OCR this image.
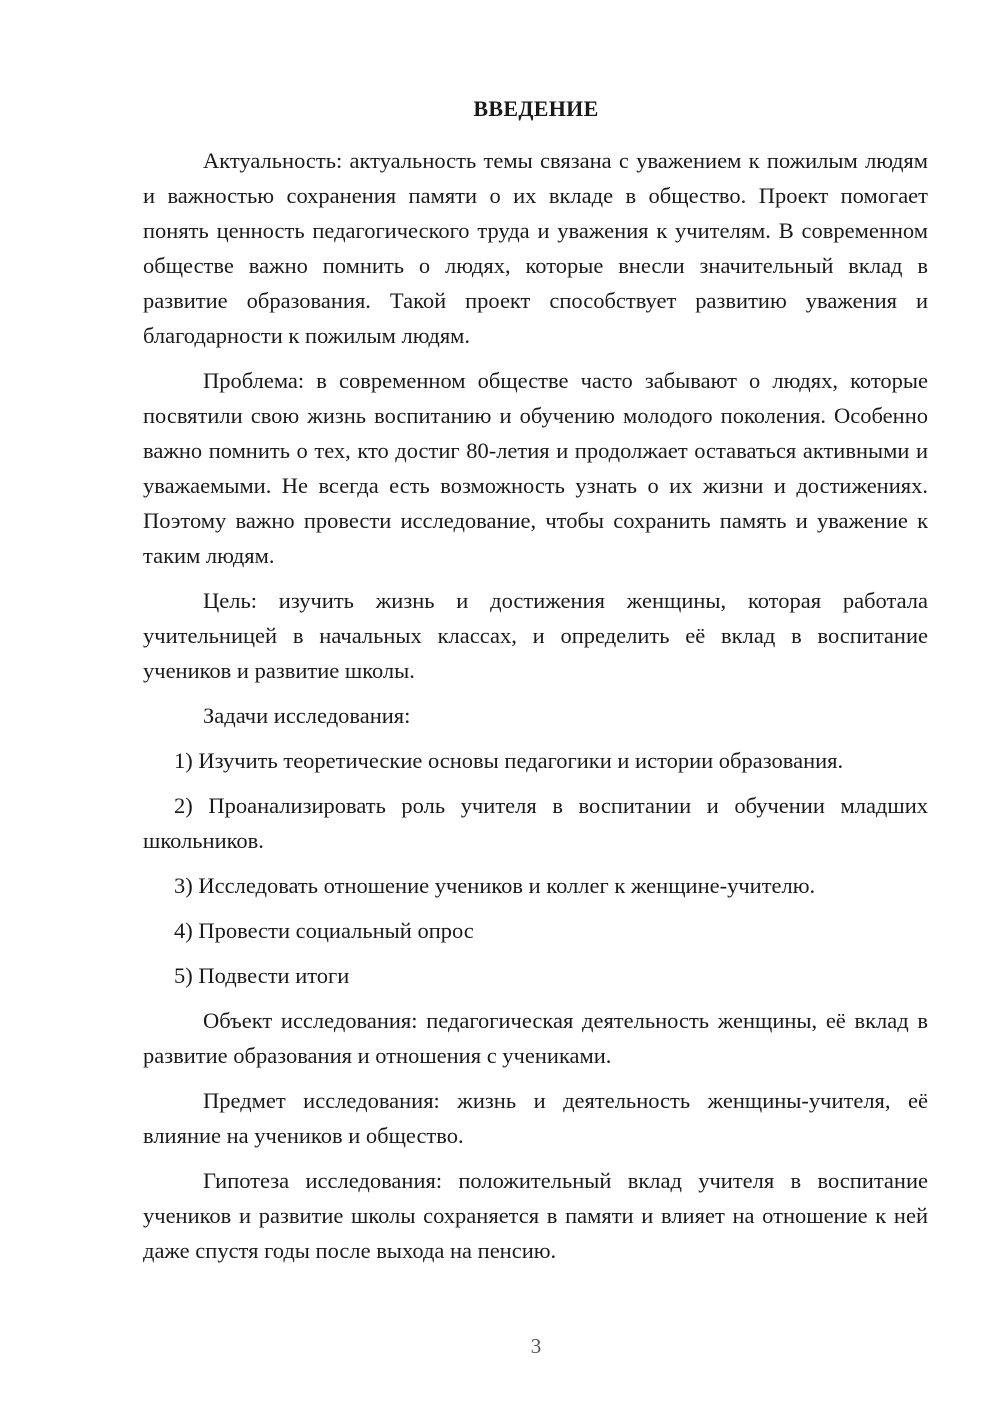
ВВЕДЕНИЕ

Актуальность: актуальность темы связана с уважением к пожилым людям и важностью сохранения памяти о их вкладе в общество. Проект помогает понять ценность педагогического труда и уважения к учителям. В современном обществе важно помнить о людях, которые внесли значительный вклад в развитие образования. Такой проект способствует развитию уважения и благодарности к пожилым людям.

Проблема: в современном обществе часто забывают о людях, которые посвятили свою жизнь воспитанию и обучению молодого поколения. Особенно важно помнить о тех, кто достиг 80-летия и продолжает оставаться активными и уважаемыми. Не всегда есть возможность узнать о их жизни и достижениях. Поэтому важно провести исследование, чтобы сохранить память и уважение к таким людям.

Цель: изучить жизнь и достижения женщины, которая работала учительницей в начальных классах, и определить её вклад в воспитание учеников и развитие школы.

Задачи исследования:

1) Изучить теоретические основы педагогики и истории образования.

2) Проанализировать роль учителя в воспитании и обучении младших школьников.

3) Исследовать отношение учеников и коллег к женщине-учителю.

4) Провести социальный опрос

5) Подвести итоги

Объект исследования: педагогическая деятельность женщины, её вклад в развитие образования и отношения с учениками.

Предмет исследования: жизнь и деятельность женщины-учителя, её влияние на учеников и общество.

Гипотеза исследования: положительный вклад учителя в воспитание учеников и развитие школы сохраняется в памяти и влияет на отношение к ней даже спустя годы после выхода на пенсию.

3
